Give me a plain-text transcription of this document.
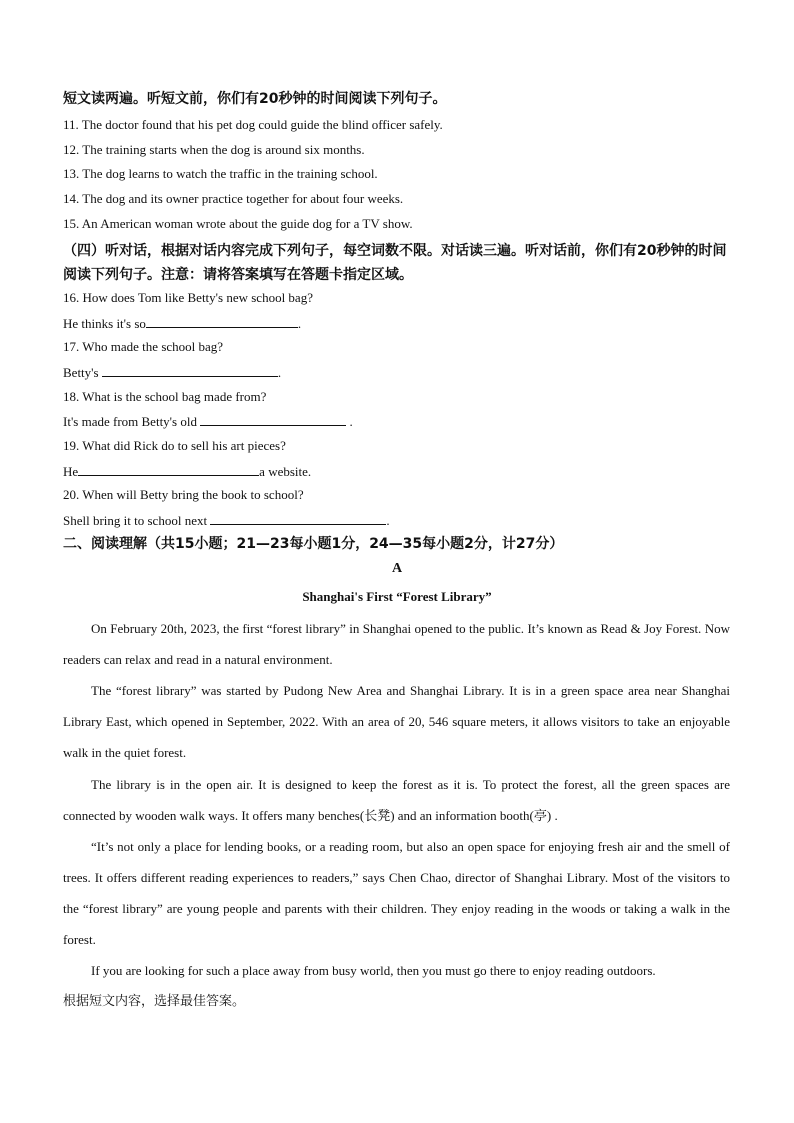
短文读两遍。听短文前，你们有20秒钟的时间阅读下列句子。
11. The doctor found that his pet dog could guide the blind officer safely.
12. The training starts when the dog is around six months.
13. The dog learns to watch the traffic in the training school.
14. The dog and its owner practice together for about four weeks.
15. An American woman wrote about the guide dog for a TV show.
（四）听对话，根据对话内容完成下列句子，每空词数不限。对话读三遍。听对话前，你们有20秒钟的时间阅读下列句子。注意：请将答案填写在答题卡指定区域。
16. How does Tom like Betty's new school bag?
He thinks it's so	.
17. Who made the school bag?
Betty's	.
18. What is the school bag made from?
It's made from Betty's old	.
19. What did Rick do to sell his art pieces?
He	a website.
20. When will Betty bring the book to school?
Shell bring it to school next	.
二、阅读理解（共15小题；21—23每小题1分，24—35每小题2分，计27分）
A
Shanghai's First “Forest Library”

On February 20th, 2023, the first “forest library” in Shanghai opened to the public. It’s known as Read & Joy Forest. Now readers can relax and read in a natural environment.

The “forest library” was started by Pudong New Area and Shanghai Library. It is in a green space area near Shanghai Library East, which opened in September, 2022. With an area of 20, 546 square meters, it allows visitors to take an enjoyable walk in the quiet forest.

The library is in the open air. It is designed to keep the forest as it is. To protect the forest, all the green spaces are connected by wooden walk ways. It offers many benches(长凳) and an information booth(亭) .

“It’s not only a place for lending books, or a reading room, but also an open space for enjoying fresh air and the smell of trees. It offers different reading experiences to readers,” says Chen Chao, director of Shanghai Library. Most of the visitors to the “forest library” are young people and parents with their children. They enjoy reading in the woods or taking a walk in the forest.

If you are looking for such a place away from busy world, then you must go there to enjoy reading outdoors.

根据短文内容，选择最佳答案。
